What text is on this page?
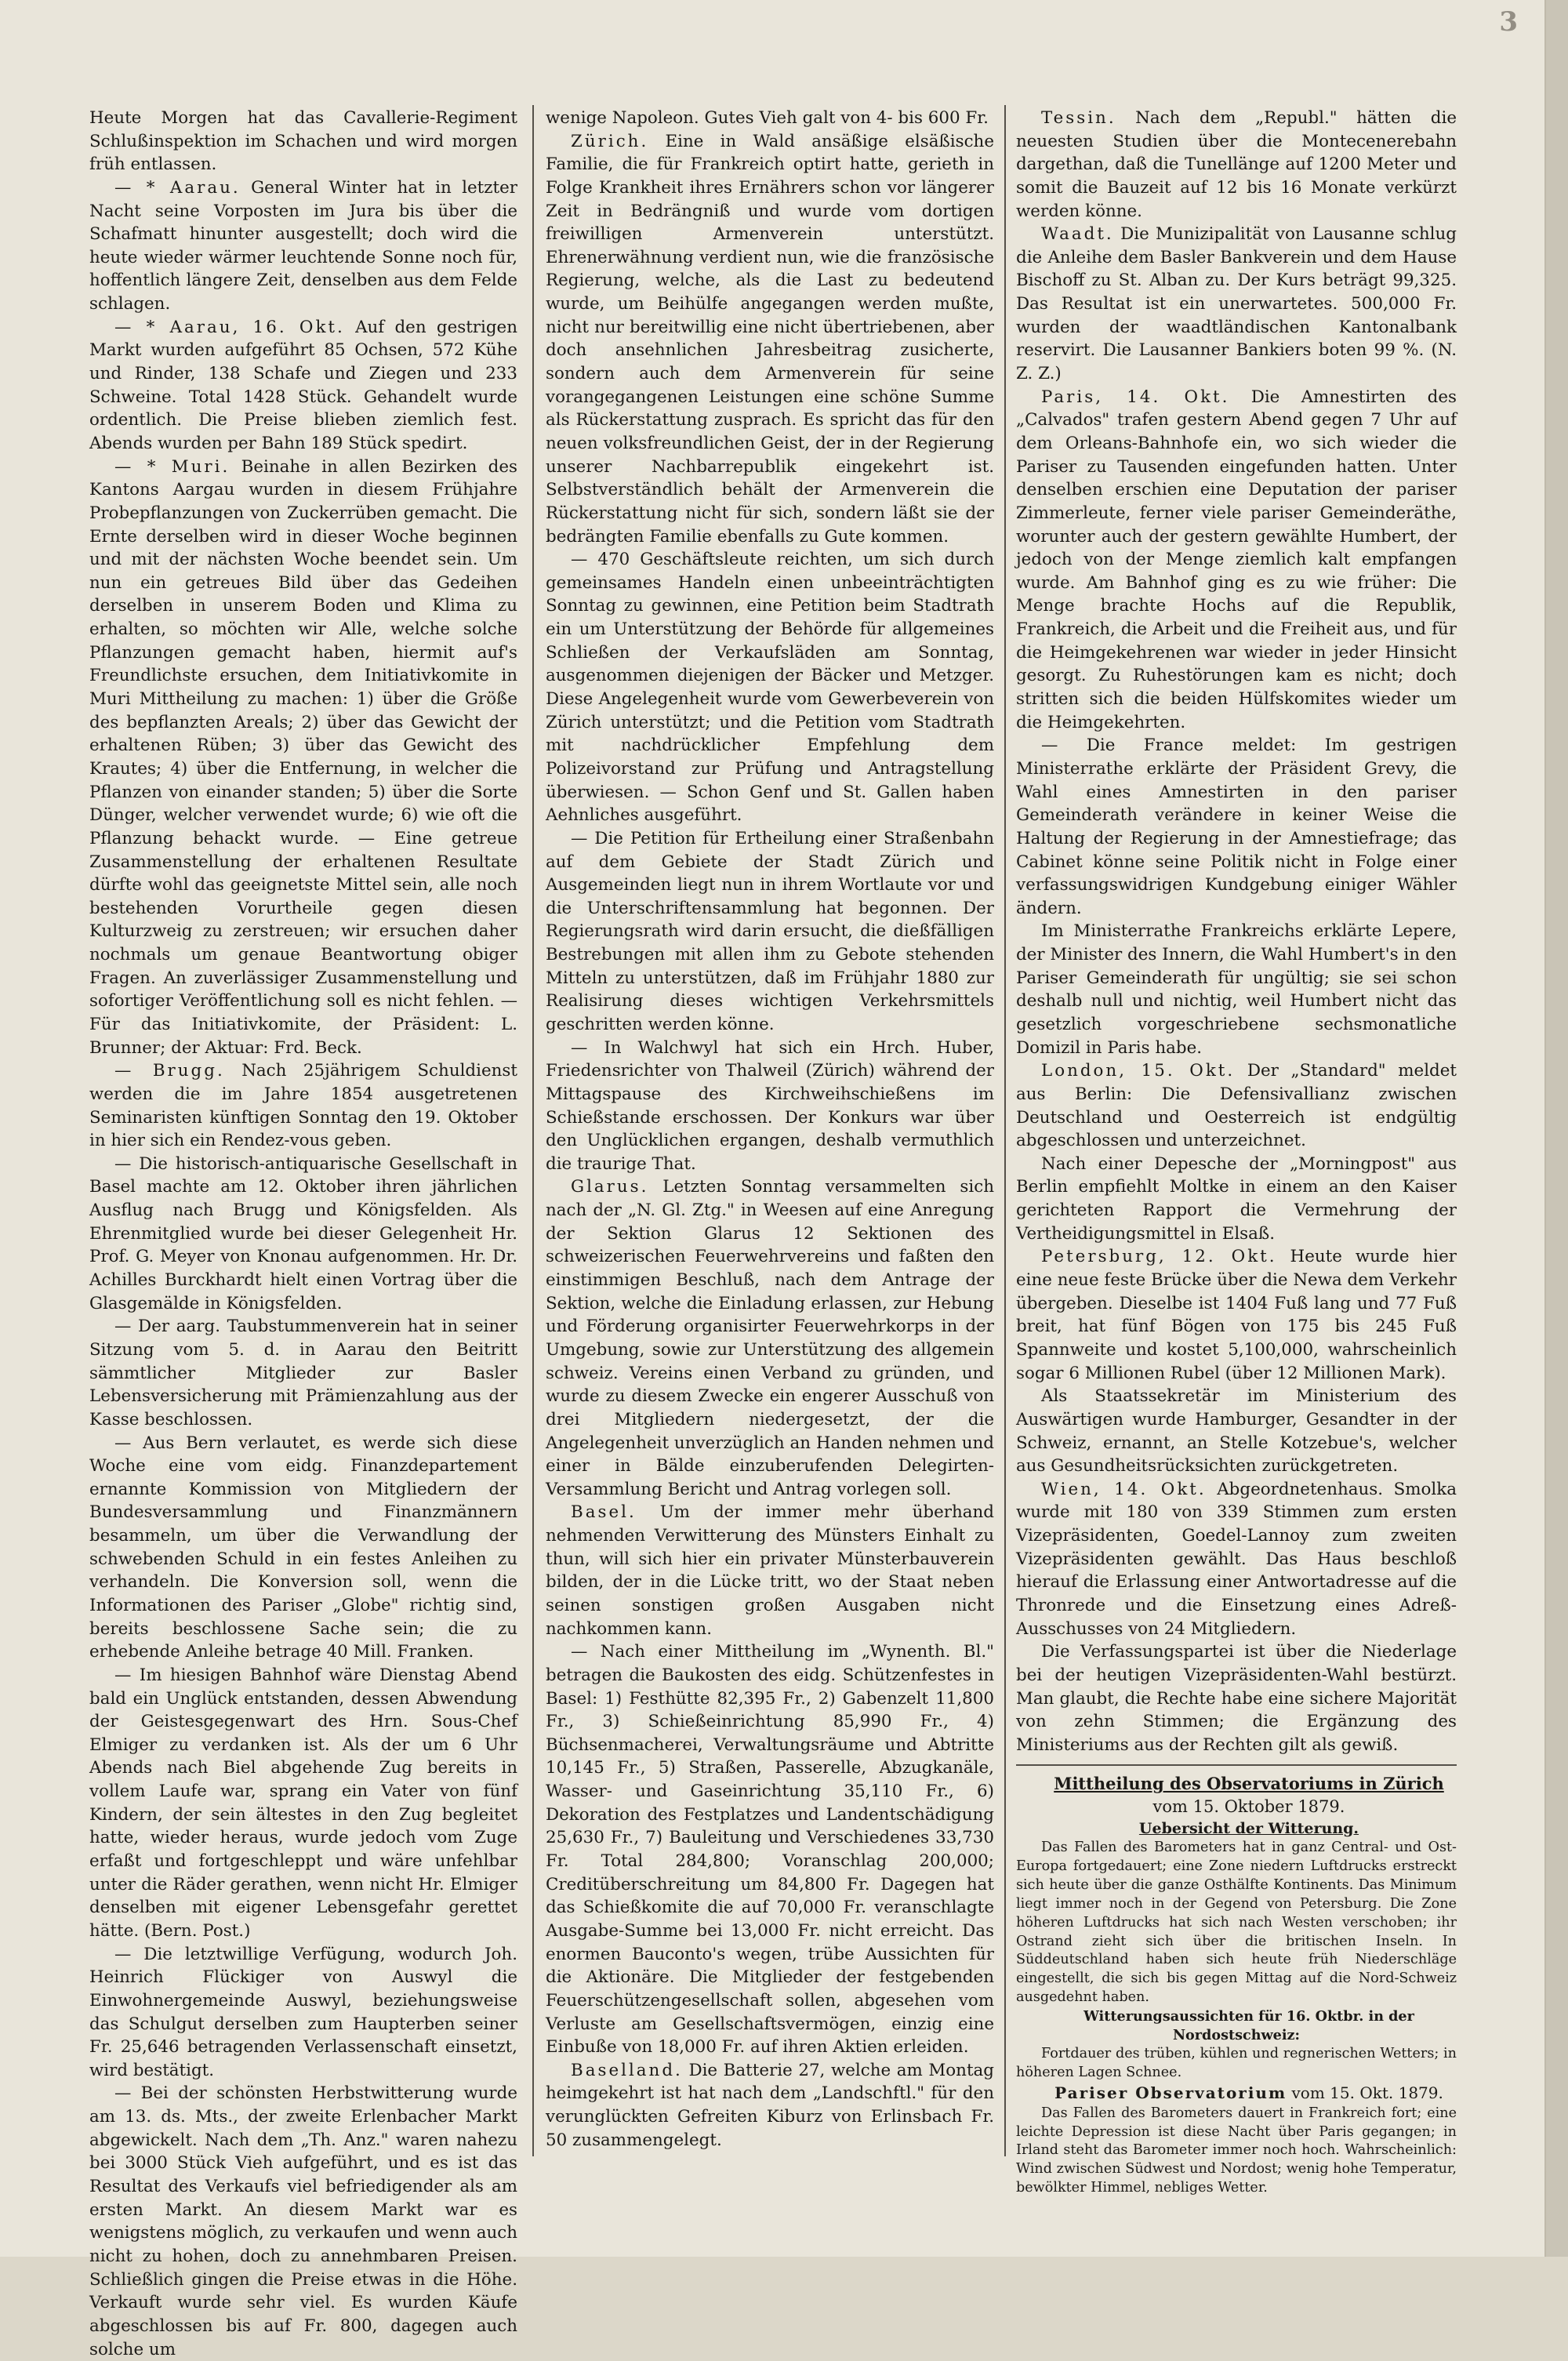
3

Heute Morgen hat das Cavallerie-Regiment Schlußinspektion im Schachen und wird morgen früh entlassen.

— * Aarau. General Winter hat in letzter Nacht seine Vorposten im Jura bis über die Schafmatt hinunter ausgestellt; doch wird die heute wieder wärmer leuchtende Sonne noch für, hoffentlich längere Zeit, denselben aus dem Felde schlagen.

— * Aarau, 16. Okt. Auf den gestrigen Markt wurden aufgeführt 85 Ochsen, 572 Kühe und Rinder, 138 Schafe und Ziegen und 233 Schweine. Total 1428 Stück. Gehandelt wurde ordentlich. Die Preise blieben ziemlich fest. Abends wurden per Bahn 189 Stück spedirt.

— * Muri. Beinahe in allen Bezirken des Kantons Aargau wurden in diesem Frühjahre Probepflanzungen von Zuckerrüben gemacht. Die Ernte derselben wird in dieser Woche beginnen und mit der nächsten Woche beendet sein. Um nun ein getreues Bild über das Gedeihen derselben in unserem Boden und Klima zu erhalten, so möchten wir Alle, welche solche Pflanzungen gemacht haben, hiermit auf's Freundlichste ersuchen, dem Initiativkomite in Muri Mittheilung zu machen: 1) über die Größe des bepflanzten Areals; 2) über das Gewicht der erhaltenen Rüben; 3) über das Gewicht des Krautes; 4) über die Entfernung, in welcher die Pflanzen von einander standen; 5) über die Sorte Dünger, welcher verwendet wurde; 6) wie oft die Pflanzung behackt wurde. — Eine getreue Zusammenstellung der erhaltenen Resultate dürfte wohl das geeignetste Mittel sein, alle noch bestehenden Vorurtheile gegen diesen Kulturzweig zu zerstreuen; wir ersuchen daher nochmals um genaue Beantwortung obiger Fragen. An zuverlässiger Zusammenstellung und sofortiger Veröffentlichung soll es nicht fehlen. — Für das Initiativkomite, der Präsident: L. Brunner; der Aktuar: Frd. Beck.

— Brugg. Nach 25jährigem Schuldienst werden die im Jahre 1854 ausgetretenen Seminaristen künftigen Sonntag den 19. Oktober in hier sich ein Rendez-vous geben.

— Die historisch-antiquarische Gesellschaft in Basel machte am 12. Oktober ihren jährlichen Ausflug nach Brugg und Königsfelden. Als Ehrenmitglied wurde bei dieser Gelegenheit Hr. Prof. G. Meyer von Knonau aufgenommen. Hr. Dr. Achilles Burckhardt hielt einen Vortrag über die Glasgemälde in Königsfelden.

— Der aarg. Taubstummenverein hat in seiner Sitzung vom 5. d. in Aarau den Beitritt sämmtlicher Mitglieder zur Basler Lebensversicherung mit Prämienzahlung aus der Kasse beschlossen.

— Aus Bern verlautet, es werde sich diese Woche eine vom eidg. Finanzdepartement ernannte Kommission von Mitgliedern der Bundesversammlung und Finanzmännern besammeln, um über die Verwandlung der schwebenden Schuld in ein festes Anleihen zu verhandeln. Die Konversion soll, wenn die Informationen des Pariser „Globe" richtig sind, bereits beschlossene Sache sein; die zu erhebende Anleihe betrage 40 Mill. Franken.

— Im hiesigen Bahnhof wäre Dienstag Abend bald ein Unglück entstanden, dessen Abwendung der Geistesgegenwart des Hrn. Sous-Chef Elmiger zu verdanken ist. Als der um 6 Uhr Abends nach Biel abgehende Zug bereits in vollem Laufe war, sprang ein Vater von fünf Kindern, der sein ältestes in den Zug begleitet hatte, wieder heraus, wurde jedoch vom Zuge erfaßt und fortgeschleppt und wäre unfehlbar unter die Räder gerathen, wenn nicht Hr. Elmiger denselben mit eigener Lebensgefahr gerettet hätte. (Bern. Post.)

— Die letztwillige Verfügung, wodurch Joh. Heinrich Flückiger von Auswyl die Einwohnergemeinde Auswyl, beziehungsweise das Schulgut derselben zum Haupterben seiner Fr. 25,646 betragenden Verlassenschaft einsetzt, wird bestätigt.

— Bei der schönsten Herbstwitterung wurde am 13. ds. Mts., der zweite Erlenbacher Markt abgewickelt. Nach dem „Th. Anz." waren nahezu bei 3000 Stück Vieh aufgeführt, und es ist das Resultat des Verkaufs viel befriedigender als am ersten Markt. An diesem Markt war es wenigstens möglich, zu verkaufen und wenn auch nicht zu hohen, doch zu annehmbaren Preisen. Schließlich gingen die Preise etwas in die Höhe. Verkauft wurde sehr viel. Es wurden Käufe abgeschlossen bis auf Fr. 800, dagegen auch solche um

wenige Napoleon. Gutes Vieh galt von 4- bis 600 Fr.

Zürich. Eine in Wald ansäßige elsäßische Familie, die für Frankreich optirt hatte, gerieth in Folge Krankheit ihres Ernährers schon vor längerer Zeit in Bedrängniß und wurde vom dortigen freiwilligen Armenverein unterstützt. Ehrenerwähnung verdient nun, wie die französische Regierung, welche, als die Last zu bedeutend wurde, um Beihülfe angegangen werden mußte, nicht nur bereitwillig eine nicht übertriebenen, aber doch ansehnlichen Jahresbeitrag zusicherte, sondern auch dem Armenverein für seine vorangegangenen Leistungen eine schöne Summe als Rückerstattung zusprach. Es spricht das für den neuen volksfreundlichen Geist, der in der Regierung unserer Nachbarrepublik eingekehrt ist. Selbstverständlich behält der Armenverein die Rückerstattung nicht für sich, sondern läßt sie der bedrängten Familie ebenfalls zu Gute kommen.

— 470 Geschäftsleute reichten, um sich durch gemeinsames Handeln einen unbeeinträchtigten Sonntag zu gewinnen, eine Petition beim Stadtrath ein um Unterstützung der Behörde für allgemeines Schließen der Verkaufsläden am Sonntag, ausgenommen diejenigen der Bäcker und Metzger. Diese Angelegenheit wurde vom Gewerbeverein von Zürich unterstützt; und die Petition vom Stadtrath mit nachdrücklicher Empfehlung dem Polizeivorstand zur Prüfung und Antragstellung überwiesen. — Schon Genf und St. Gallen haben Aehnliches ausgeführt.

— Die Petition für Ertheilung einer Straßenbahn auf dem Gebiete der Stadt Zürich und Ausgemeinden liegt nun in ihrem Wortlaute vor und die Unterschriftensammlung hat begonnen. Der Regierungsrath wird darin ersucht, die dießfälligen Bestrebungen mit allen ihm zu Gebote stehenden Mitteln zu unterstützen, daß im Frühjahr 1880 zur Realisirung dieses wichtigen Verkehrsmittels geschritten werden könne.

— In Walchwyl hat sich ein Hrch. Huber, Friedensrichter von Thalweil (Zürich) während der Mittagspause des Kirchweihschießens im Schießstande erschossen. Der Konkurs war über den Unglücklichen ergangen, deshalb vermuthlich die traurige That.

Glarus. Letzten Sonntag versammelten sich nach der „N. Gl. Ztg." in Weesen auf eine Anregung der Sektion Glarus 12 Sektionen des schweizerischen Feuerwehrvereins und faßten den einstimmigen Beschluß, nach dem Antrage der Sektion, welche die Einladung erlassen, zur Hebung und Förderung organisirter Feuerwehrkorps in der Umgebung, sowie zur Unterstützung des allgemein schweiz. Vereins einen Verband zu gründen, und wurde zu diesem Zwecke ein engerer Ausschuß von drei Mitgliedern niedergesetzt, der die Angelegenheit unverzüglich an Handen nehmen und einer in Bälde einzuberufenden Delegirten-Versammlung Bericht und Antrag vorlegen soll.

Basel. Um der immer mehr überhand nehmenden Verwitterung des Münsters Einhalt zu thun, will sich hier ein privater Münsterbauverein bilden, der in die Lücke tritt, wo der Staat neben seinen sonstigen großen Ausgaben nicht nachkommen kann.

— Nach einer Mittheilung im „Wynenth. Bl." betragen die Baukosten des eidg. Schützenfestes in Basel: 1) Festhütte 82,395 Fr., 2) Gabenzelt 11,800 Fr., 3) Schießeinrichtung 85,990 Fr., 4) Büchsenmacherei, Verwaltungsräume und Abtritte 10,145 Fr., 5) Straßen, Passerelle, Abzugkanäle, Wasser- und Gaseinrichtung 35,110 Fr., 6) Dekoration des Festplatzes und Landentschädigung 25,630 Fr., 7) Bauleitung und Verschiedenes 33,730 Fr. Total 284,800; Voranschlag 200,000; Creditüberschreitung um 84,800 Fr. Dagegen hat das Schießkomite die auf 70,000 Fr. veranschlagte Ausgabe-Summe bei 13,000 Fr. nicht erreicht. Das enormen Bauconto's wegen, trübe Aussichten für die Aktionäre. Die Mitglieder der festgebenden Feuerschützengesellschaft sollen, abgesehen vom Verluste am Gesellschaftsvermögen, einzig eine Einbuße von 18,000 Fr. auf ihren Aktien erleiden.

Baselland. Die Batterie 27, welche am Montag heimgekehrt ist hat nach dem „Landschftl." für den verunglückten Gefreiten Kiburz von Erlinsbach Fr. 50 zusammengelegt.

Tessin. Nach dem „Republ." hätten die neuesten Studien über die Montecenerebahn dargethan, daß die Tunellänge auf 1200 Meter und somit die Bauzeit auf 12 bis 16 Monate verkürzt werden könne.

Waadt. Die Munizipalität von Lausanne schlug die Anleihe dem Basler Bankverein und dem Hause Bischoff zu St. Alban zu. Der Kurs beträgt 99,325. Das Resultat ist ein unerwartetes. 500,000 Fr. wurden der waadtländischen Kantonalbank reservirt. Die Lausanner Bankiers boten 99 %. (N. Z. Z.)

Paris, 14. Okt. Die Amnestirten des „Calvados" trafen gestern Abend gegen 7 Uhr auf dem Orleans-Bahnhofe ein, wo sich wieder die Pariser zu Tausenden eingefunden hatten. Unter denselben erschien eine Deputation der pariser Zimmerleute, ferner viele pariser Gemeinderäthe, worunter auch der gestern gewählte Humbert, der jedoch von der Menge ziemlich kalt empfangen wurde. Am Bahnhof ging es zu wie früher: Die Menge brachte Hochs auf die Republik, Frankreich, die Arbeit und die Freiheit aus, und für die Heimgekehrenen war wieder in jeder Hinsicht gesorgt. Zu Ruhestörungen kam es nicht; doch stritten sich die beiden Hülfskomites wieder um die Heimgekehrten.

— Die France meldet: Im gestrigen Ministerrathe erklärte der Präsident Grevy, die Wahl eines Amnestirten in den pariser Gemeinderath verändere in keiner Weise die Haltung der Regierung in der Amnestiefrage; das Cabinet könne seine Politik nicht in Folge einer verfassungswidrigen Kundgebung einiger Wähler ändern.

Im Ministerrathe Frankreichs erklärte Lepere, der Minister des Innern, die Wahl Humbert's in den Pariser Gemeinderath für ungültig; sie sei schon deshalb null und nichtig, weil Humbert nicht das gesetzlich vorgeschriebene sechsmonatliche Domizil in Paris habe.

London, 15. Okt. Der „Standard" meldet aus Berlin: Die Defensivallianz zwischen Deutschland und Oesterreich ist endgültig abgeschlossen und unterzeichnet.

Nach einer Depesche der „Morningpost" aus Berlin empfiehlt Moltke in einem an den Kaiser gerichteten Rapport die Vermehrung der Vertheidigungsmittel in Elsaß.

Petersburg, 12. Okt. Heute wurde hier eine neue feste Brücke über die Newa dem Verkehr übergeben. Dieselbe ist 1404 Fuß lang und 77 Fuß breit, hat fünf Bögen von 175 bis 245 Fuß Spannweite und kostet 5,100,000, wahrscheinlich sogar 6 Millionen Rubel (über 12 Millionen Mark).

Als Staatssekretär im Ministerium des Auswärtigen wurde Hamburger, Gesandter in der Schweiz, ernannt, an Stelle Kotzebue's, welcher aus Gesundheitsrücksichten zurückgetreten.

Wien, 14. Okt. Abgeordnetenhaus. Smolka wurde mit 180 von 339 Stimmen zum ersten Vizepräsidenten, Goedel-Lannoy zum zweiten Vizepräsidenten gewählt. Das Haus beschloß hierauf die Erlassung einer Antwortadresse auf die Thronrede und die Einsetzung eines Adreß-Ausschusses von 24 Mitgliedern.

Die Verfassungspartei ist über die Niederlage bei der heutigen Vizepräsidenten-Wahl bestürzt. Man glaubt, die Rechte habe eine sichere Majorität von zehn Stimmen; die Ergänzung des Ministeriums aus der Rechten gilt als gewiß.

Mittheilung des Observatoriums in Zürich

vom 15. Oktober 1879.

Uebersicht der Witterung.

Das Fallen des Barometers hat in ganz Central- und Ost-Europa fortgedauert; eine Zone niedern Luftdrucks erstreckt sich heute über die ganze Osthälfte Kontinents. Das Minimum liegt immer noch in der Gegend von Petersburg. Die Zone höheren Luftdrucks hat sich nach Westen verschoben; ihr Ostrand zieht sich über die britischen Inseln. In Süddeutschland haben sich heute früh Niederschläge eingestellt, die sich bis gegen Mittag auf die Nord-Schweiz ausgedehnt haben.

Witterungsaussichten für 16. Oktbr. in der Nordostschweiz:

Fortdauer des trüben, kühlen und regnerischen Wetters; in höheren Lagen Schnee.

Pariser Observatorium vom 15. Okt. 1879.

Das Fallen des Barometers dauert in Frankreich fort; eine leichte Depression ist diese Nacht über Paris gegangen; in Irland steht das Barometer immer noch hoch. Wahrscheinlich: Wind zwischen Südwest und Nordost; wenig hohe Temperatur, bewölkter Himmel, nebliges Wetter.
